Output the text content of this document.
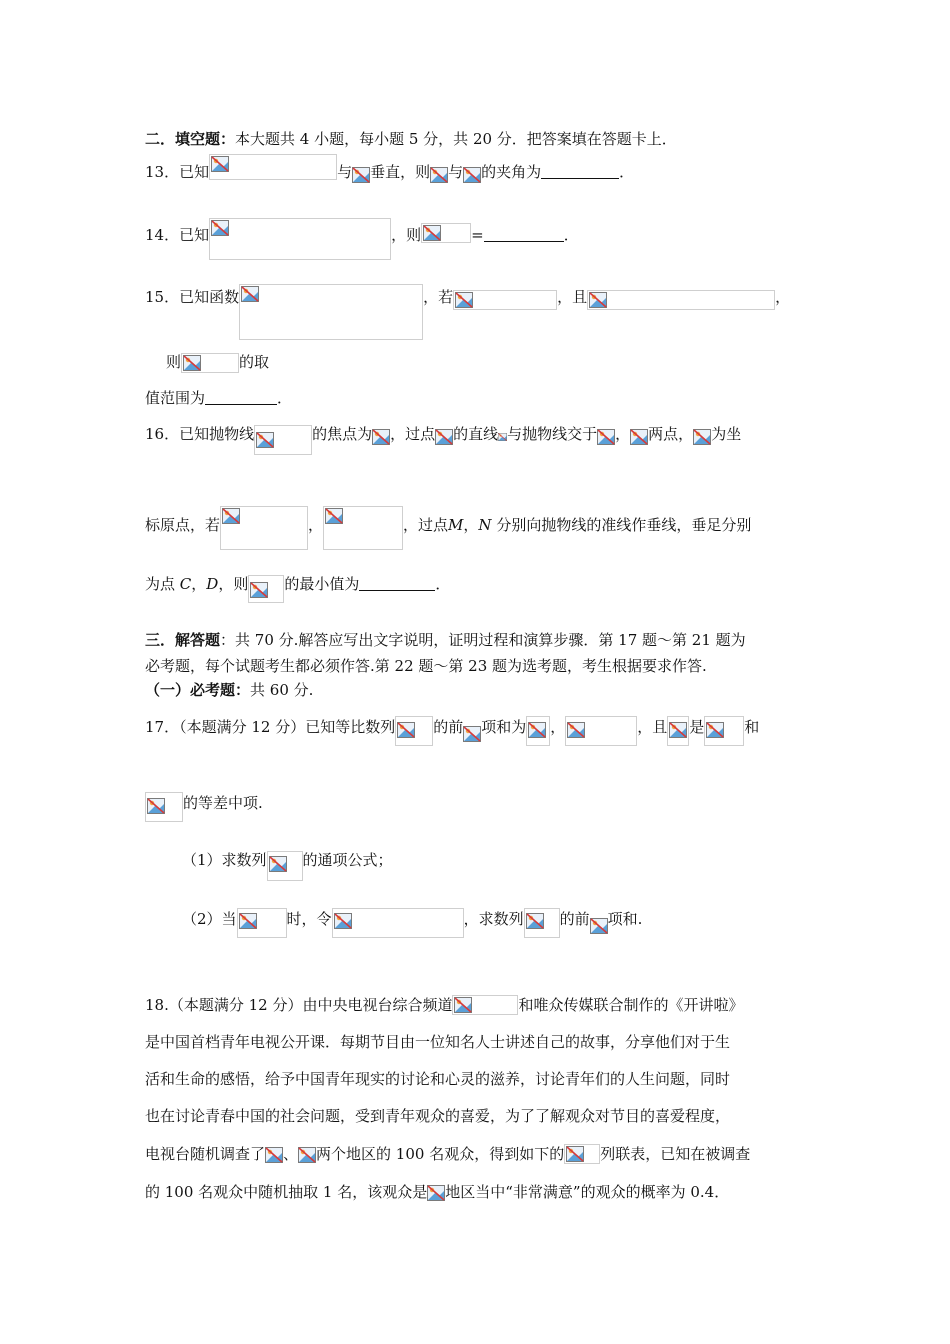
二．填空题：本大题共 4 小题，每小题 5 分，共 20 分．把答案填在答题卡上．
13．已知	与 垂直，则 与 的夹角为	．
14．已知	，则	=	．
15．已知函数	，若	，且	，
则	的取
值范围为	．
16．已知抛物线	的焦点为 ，过点 的直线 与抛物线交于 ， 两点， 为坐
标原点，若	，	，过点M，N 分别向抛物线的准线作垂线，垂足分别
为点 C，D，则 的最小值为	．
三．解答题：共 70 分.解答应写出文字说明，证明过程和演算步骤．第 17 题～第 21 题为
必考题，每个试题考生都必须作答.第 22 题～第 23 题为选考题，考生根据要求作答.
（一）必考题：共 60 分.
17．（本题满分 12 分）已知等比数列	的前 项和为 ，	，且 是	和
的等差中项.
（1）求数列 的通项公式；
（2）当	时，令	，求数列 的前 项和.
18.（本题满分 12 分）由中央电视台综合频道	和唯众传媒联合制作的《开讲啦》
是中国首档青年电视公开课．每期节目由一位知名人士讲述自己的故事，分享他们对于生
活和生命的感悟，给予中国青年现实的讨论和心灵的滋养，讨论青年们的人生问题，同时
也在讨论青春中国的社会问题，受到青年观众的喜爱，为了了解观众对节目的喜爱程度，
电视台随机调查了 、 两个地区的 100 名观众，得到如下的 列联表，已知在被调查
的 100 名观众中随机抽取 1 名，该观众是 地区当中“非常满意”的观众的概率为 0.4．
